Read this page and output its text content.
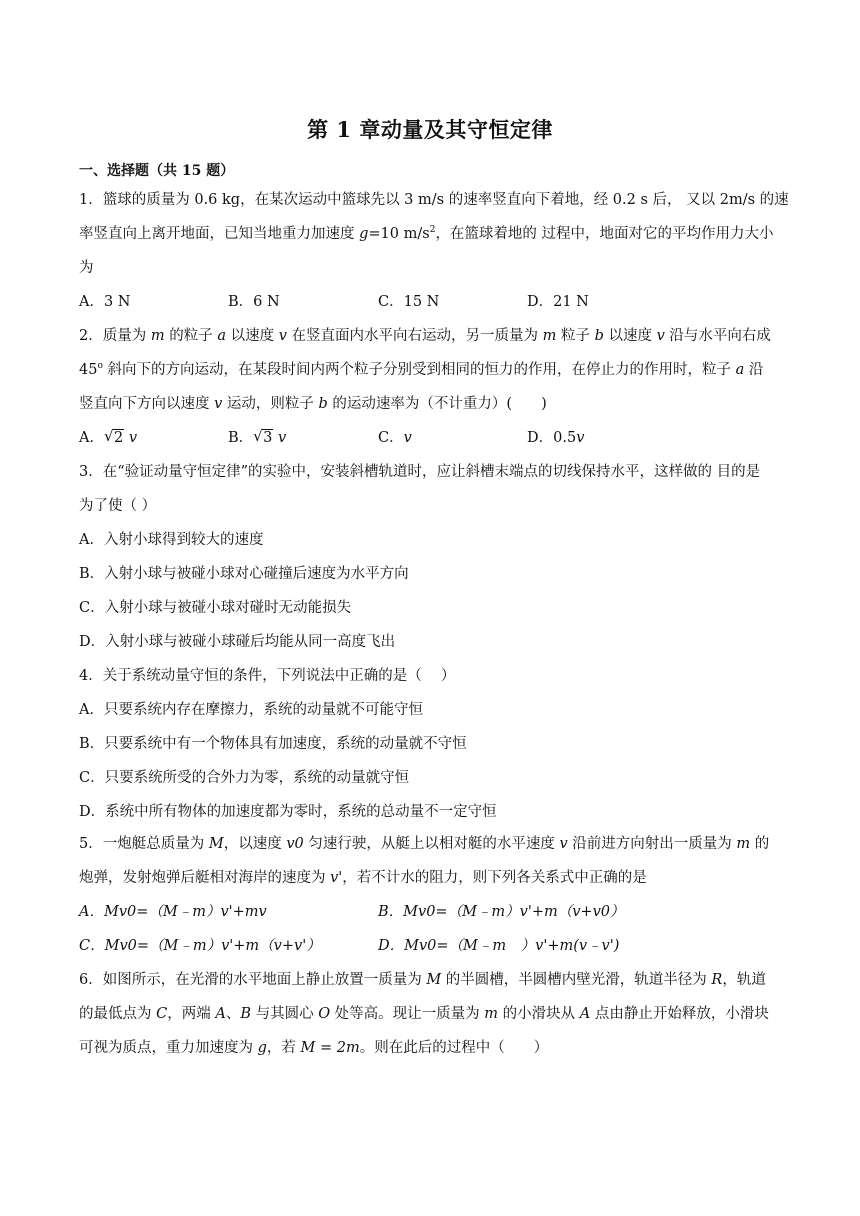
第 1 章动量及其守恒定律
一、选择题（共 15 题）
1．篮球的质量为 0.6 kg，在某次运动中篮球先以 3 m/s 的速率竖直向下着地，经 0.2 s 后， 又以 2m/s 的速
率竖直向上离开地面，已知当地重力加速度 g=10 $m/s^2$，在篮球着地的 过程中，地面对它的平均作用力大小
为
A．3 N	B．6 N	C．15 N	D．21 N
2．质量为 m 的粒子 a 以速度 v 在竖直面内水平向右运动，另一质量为 m 粒子 b 以速度 v 沿与水平向右成
45$^o$ 斜向下的方向运动，在某段时间内两个粒子分别受到相同的恒力的作用，在停止力的作用时，粒子 a 沿
竖直向下方向以速度 v 运动，则粒子 b 的运动速率为（不计重力）(　　)
A． √ 2 v	B． √ 3 v	C．v	D．0.5v
3．在“验证动量守恒定律”的实验中，安装斜槽轨道时，应让斜槽末端点的切线保持水平，这样做的 目的是
为了使（ ）
A．入射小球得到较大的速度
B．入射小球与被碰小球对心碰撞后速度为水平方向
C．入射小球与被碰小球对碰时无动能损失
D．入射小球与被碰小球碰后均能从同一高度飞出
4．关于系统动量守恒的条件，下列说法中正确的是（　 ）
A．只要系统内存在摩擦力，系统的动量就不可能守恒
B．只要系统中有一个物体具有加速度，系统的动量就不守恒
C．只要系统所受的合外力为零，系统的动量就守恒
D．系统中所有物体的加速度都为零时，系统的总动量不一定守恒
5．一炮艇总质量为 M，以速度 v0 匀速行驶，从艇上以相对艇的水平速度 v 沿前进方向射出一质量为 m 的
炮弹，发射炮弹后艇相对海岸的速度为 v'，若不计水的阻力，则下列各关系式中正确的是
A．Mv0=（M﹣m）v'+mv	B．Mv0=（M﹣m）v'+m（v+v0）
C．Mv0=（M﹣m）v'+m（v+v'）	D．Mv0=（M﹣m　）v'+m(v﹣v')
6．如图所示，在光滑的水平地面上静止放置一质量为 M 的半圆槽，半圆槽内壁光滑，轨道半径为 R，轨道
的最低点为 C，两端 A、B 与其圆心 O 处等高。现让一质量为 m 的小滑块从 A 点由静止开始释放，小滑块
可视为质点，重力加速度为 g，若 M = 2m。则在此后的过程中（　　）
